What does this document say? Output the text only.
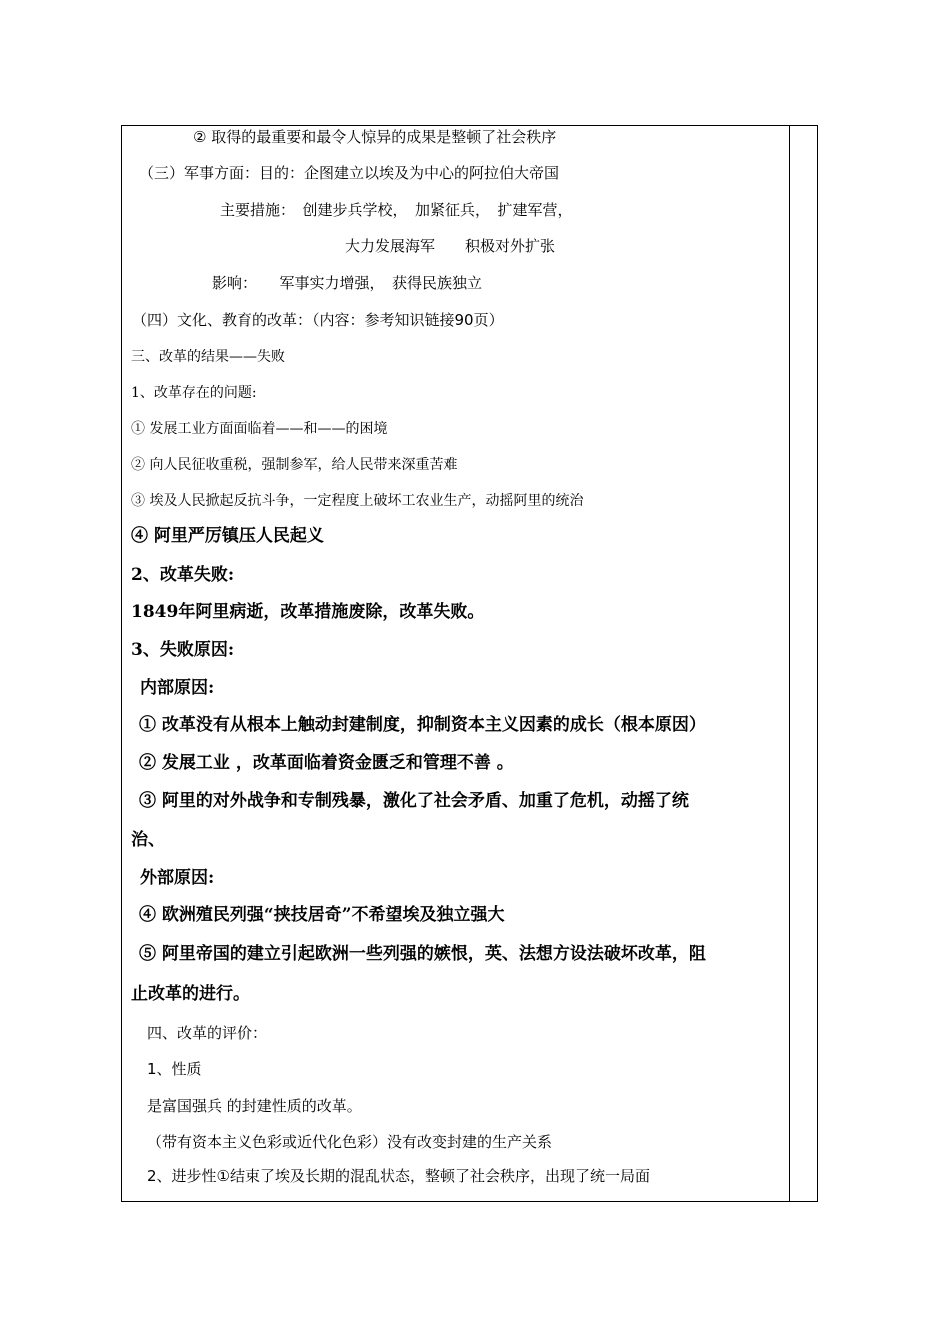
② 取得的最重要和最令人惊异的成果是整顿了社会秩序
（三）军事方面：目的：企图建立以埃及为中心的阿拉伯大帝国
主要措施：　创建步兵学校，　加紧征兵，　扩建军营，
大力发展海军　　积极对外扩张
影响：　　军事实力增强，　获得民族独立
（四）文化、教育的改革：（内容：参考知识链接90页）
三、改革的结果——失败
1、改革存在的问题:
① 发展工业方面面临着——和——的困境
② 向人民征收重税，强制参军，给人民带来深重苦难
③ 埃及人民掀起反抗斗争，一定程度上破坏工农业生产，动摇阿里的统治
④ 阿里严厉镇压人民起义
2、改革失败:
1849年阿里病逝，改革措施废除，改革失败。
3、失败原因:
内部原因:
① 改革没有从根本上触动封建制度，抑制资本主义因素的成长（根本原因）
② 发展工业 ，改革面临着资金匮乏和管理不善 。
③ 阿里的对外战争和专制残暴，激化了社会矛盾、加重了危机，动摇了统
治、
外部原因:
④ 欧洲殖民列强“挟技居奇”不希望埃及独立强大
⑤ 阿里帝国的建立引起欧洲一些列强的嫉恨，英、法想方设法破坏改革，阻
止改革的进行。
四、改革的评价：
1、性质
是富国强兵 的封建性质的改革。
（带有资本主义色彩或近代化色彩）没有改变封建的生产关系
2、进步性①结束了埃及长期的混乱状态，整顿了社会秩序，出现了统一局面
